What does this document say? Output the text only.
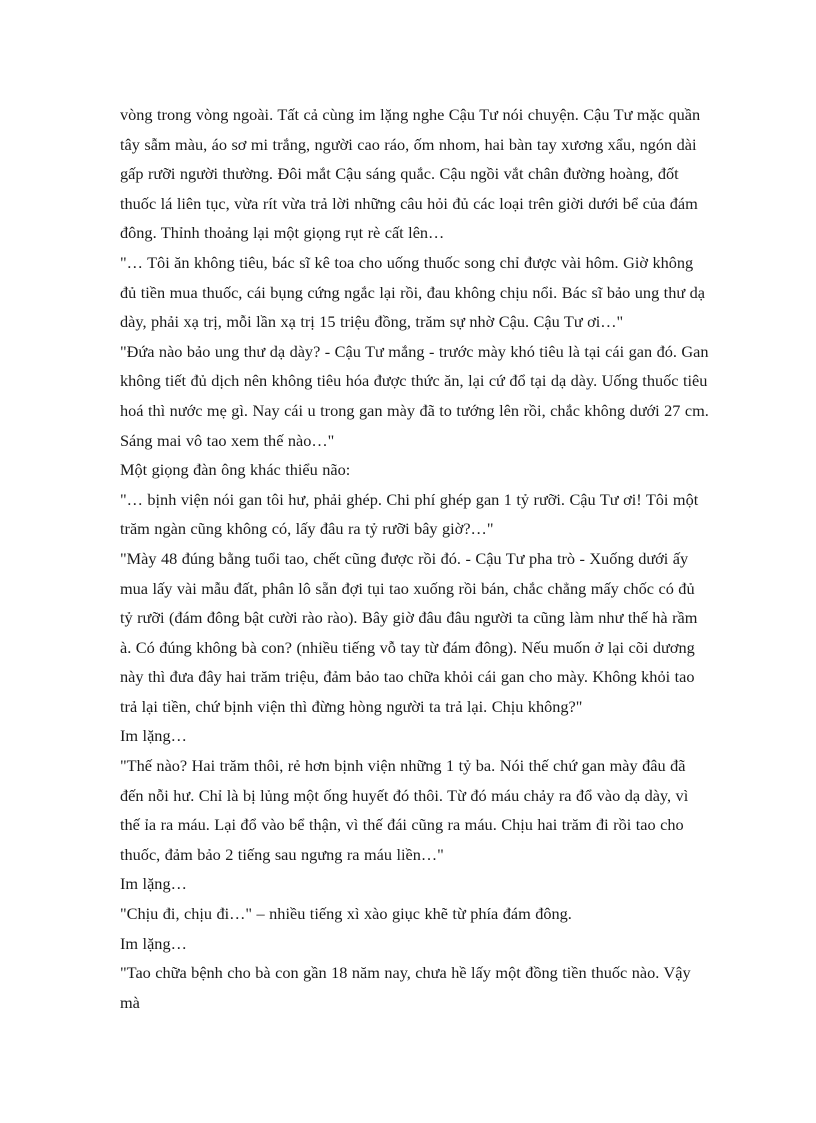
vòng trong vòng ngoài. Tất cả cùng im lặng nghe Cậu Tư nói chuyện. Cậu Tư mặc quần tây sẫm màu, áo sơ mi trắng, người cao ráo, ốm nhom, hai bàn tay xương xẩu, ngón dài gấp rưỡi người thường. Đôi mắt Cậu sáng quắc. Cậu ngồi vắt chân đường hoàng, đốt thuốc lá liên tục, vừa rít vừa trả lời những câu hỏi đủ các loại trên giời dưới bể của đám đông. Thỉnh thoảng lại một giọng rụt rè cất lên…

"… Tôi ăn không tiêu, bác sĩ kê toa cho uống thuốc song chỉ được vài hôm. Giờ không đủ tiền mua thuốc, cái bụng cứng ngắc lại rồi, đau không chịu nổi. Bác sĩ bảo ung thư dạ dày, phải xạ trị, mỗi lần xạ trị 15 triệu đồng, trăm sự nhờ Cậu. Cậu Tư ơi…"

"Đứa nào bảo ung thư dạ dày? - Cậu Tư mắng - trước mày khó tiêu là tại cái gan đó. Gan không tiết đủ dịch nên không tiêu hóa được thức ăn, lại cứ đổ tại dạ dày. Uống thuốc tiêu hoá thì nước mẹ gì. Nay cái u trong gan mày đã to tướng lên rồi, chắc không dưới 27 cm. Sáng mai vô tao xem thế nào…"

Một giọng đàn ông khác thiểu não:

"… bịnh viện nói gan tôi hư, phải ghép. Chi phí ghép gan 1 tỷ rưỡi. Cậu Tư ơi! Tôi một trăm ngàn cũng không có, lấy đâu ra tỷ rưỡi bây giờ?…"

"Mày 48 đúng bằng tuổi tao, chết cũng được rồi đó. - Cậu Tư pha trò - Xuống dưới ấy mua lấy vài mẫu đất, phân lô sẵn đợi tụi tao xuống rồi bán, chắc chẳng mấy chốc có đủ tỷ rưỡi (đám đông bật cười rào rào). Bây giờ đâu đâu người ta cũng làm như thế hà rầm à. Có đúng không bà con? (nhiều tiếng vỗ tay từ đám đông). Nếu muốn ở lại cõi dương này thì đưa đây hai trăm triệu, đảm bảo tao chữa khỏi cái gan cho mày. Không khỏi tao trả lại tiền, chứ bịnh viện thì đừng hòng người ta trả lại. Chịu không?"

Im lặng…

"Thế nào? Hai trăm thôi, rẻ hơn bịnh viện những 1 tỷ ba. Nói thế chứ gan mày đâu đã đến nỗi hư. Chỉ là bị lủng một ống huyết đó thôi. Từ đó máu chảy ra đổ vào dạ dày, vì thế ỉa ra máu. Lại đổ vào bể thận, vì thế đái cũng ra máu. Chịu hai trăm đi rồi tao cho thuốc, đảm bảo 2 tiếng sau ngưng ra máu liền…"

Im lặng…

"Chịu đi, chịu đi…" – nhiều tiếng xì xào giục khẽ từ phía đám đông.

Im lặng…

"Tao chữa bệnh cho bà con gần 18 năm nay, chưa hề lấy một đồng tiền thuốc nào. Vậy mà
